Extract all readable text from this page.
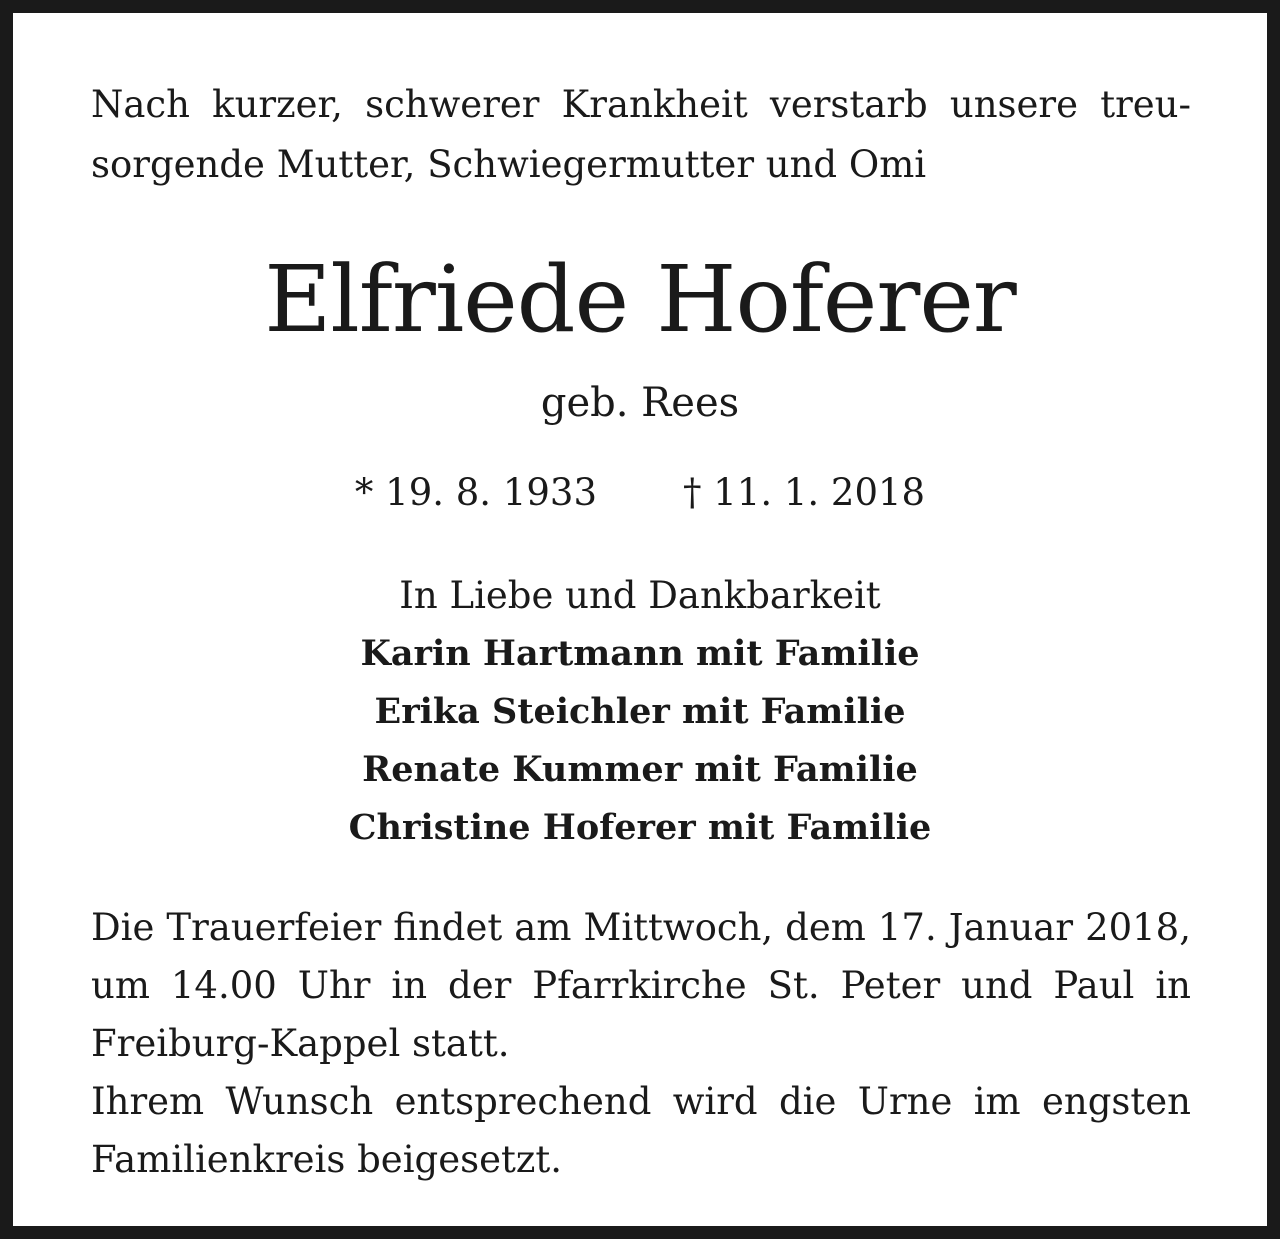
Nach kurzer, schwerer Krankheit verstarb unsere treu-
sorgende Mutter, Schwiegermutter und Omi
Elfriede Hoferer
geb. Rees
* 19. 8. 1933 † 11. 1. 2018
In Liebe und Dankbarkeit
Karin Hartmann mit Familie
Erika Steichler mit Familie
Renate Kummer mit Familie
Christine Hoferer mit Familie
Die Trauerfeier findet am Mittwoch, dem 17. Januar 2018,
um 14.00 Uhr in der Pfarrkirche St. Peter und Paul in
Freiburg-Kappel statt.
Ihrem Wunsch entsprechend wird die Urne im engsten
Familienkreis beigesetzt.
